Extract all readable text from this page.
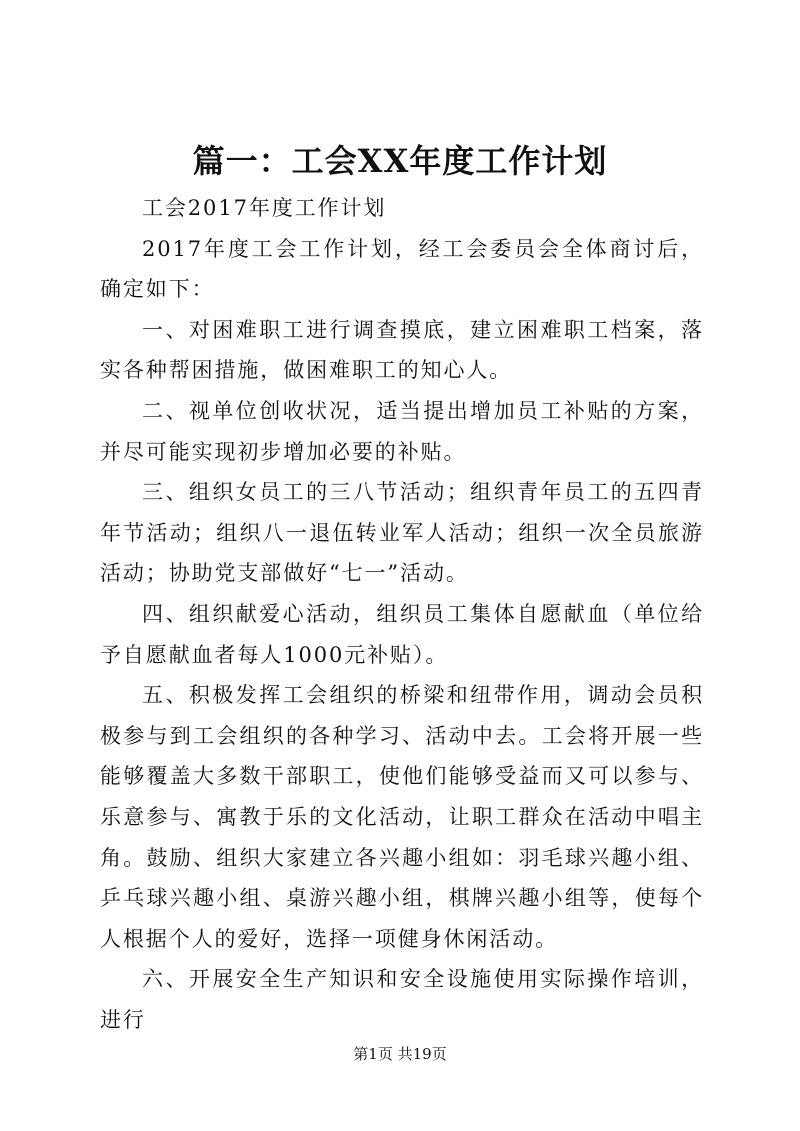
篇一：工会XX年度工作计划

工会2017年度工作计划

2017年度工会工作计划，经工会委员会全体商讨后，确定如下：

一、对困难职工进行调查摸底，建立困难职工档案，落实各种帮困措施，做困难职工的知心人。

二、视单位创收状况，适当提出增加员工补贴的方案，并尽可能实现初步增加必要的补贴。

三、组织女员工的三八节活动；组织青年员工的五四青年节活动；组织八一退伍转业军人活动；组织一次全员旅游活动；协助党支部做好“七一”活动。

四、组织献爱心活动，组织员工集体自愿献血（单位给予自愿献血者每人1000元补贴）。

五、积极发挥工会组织的桥梁和纽带作用，调动会员积极参与到工会组织的各种学习、活动中去。工会将开展一些能够覆盖大多数干部职工，使他们能够受益而又可以参与、乐意参与、寓教于乐的文化活动，让职工群众在活动中唱主角。鼓励、组织大家建立各兴趣小组如：羽毛球兴趣小组、乒乓球兴趣小组、桌游兴趣小组，棋牌兴趣小组等，使每个人根据个人的爱好，选择一项健身休闲活动。

六、开展安全生产知识和安全设施使用实际操作培训，进行

第1页 共19页
